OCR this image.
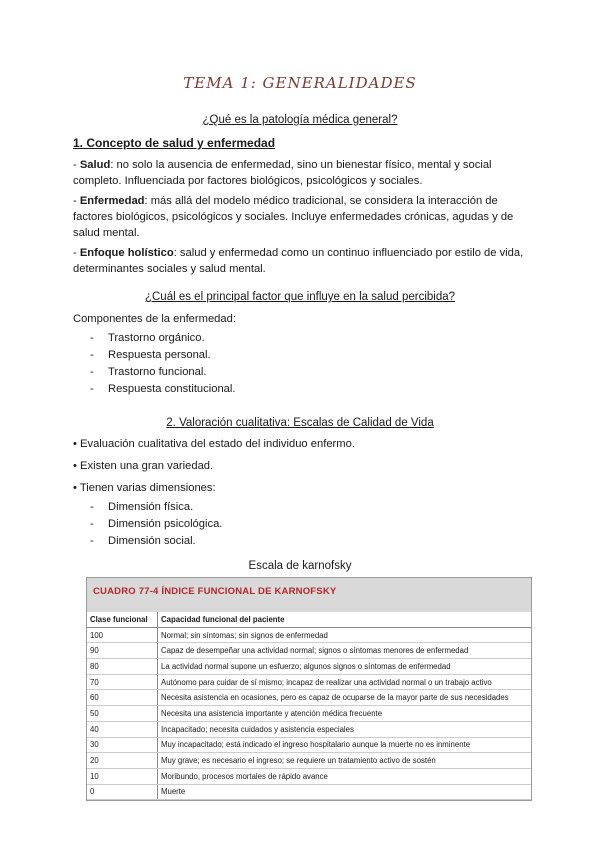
TEMA 1: GENERALIDADES
¿Qué es la patología médica general?
1. Concepto de salud y enfermedad
- Salud: no solo la ausencia de enfermedad, sino un bienestar físico, mental y social completo. Influenciada por factores biológicos, psicológicos y sociales.
- Enfermedad: más allá del modelo médico tradicional, se considera la interacción de factores biológicos, psicológicos y sociales. Incluye enfermedades crónicas, agudas y de salud mental.
- Enfoque holístico: salud y enfermedad como un continuo influenciado por estilo de vida, determinantes sociales y salud mental.
¿Cuál es el principal factor que influye en la salud percibida?
Componentes de la enfermedad:
-	Trastorno orgánico.
-	Respuesta personal.
-	Trastorno funcional.
-	Respuesta constitucional.
2. Valoración cualitativa: Escalas de Calidad de Vida
• Evaluación cualitativa del estado del individuo enfermo.
• Existen una gran variedad.
• Tienen varias dimensiones:
-	Dimensión física.
-	Dimensión psicológica.
-	Dimensión social.
Escala de karnofsky
CUADRO 77-4 ÍNDICE FUNCIONAL DE KARNOFSKY
Clase funcional	Capacidad funcional del paciente
100	Normal; sin síntomas; sin signos de enfermedad
90	Capaz de desempeñar una actividad normal; signos o síntomas menores de enfermedad
80	La actividad normal supone un esfuerzo; algunos signos o síntomas de enfermedad
70	Autónomo para cuidar de sí mismo; incapaz de realizar una actividad normal o un trabajo activo
60	Necesita asistencia en ocasiones, pero es capaz de ocuparse de la mayor parte de sus necesidades
50	Necesita una asistencia importante y atención médica frecuente
40	Incapacitado; necesita cuidados y asistencia especiales
30	Muy incapacitado; está indicado el ingreso hospitalario aunque la muerte no es inminente
20	Muy grave; es necesario el ingreso; se requiere un tratamiento activo de sostén
10	Moribundo, procesos mortales de rápido avance
0	Muerte
